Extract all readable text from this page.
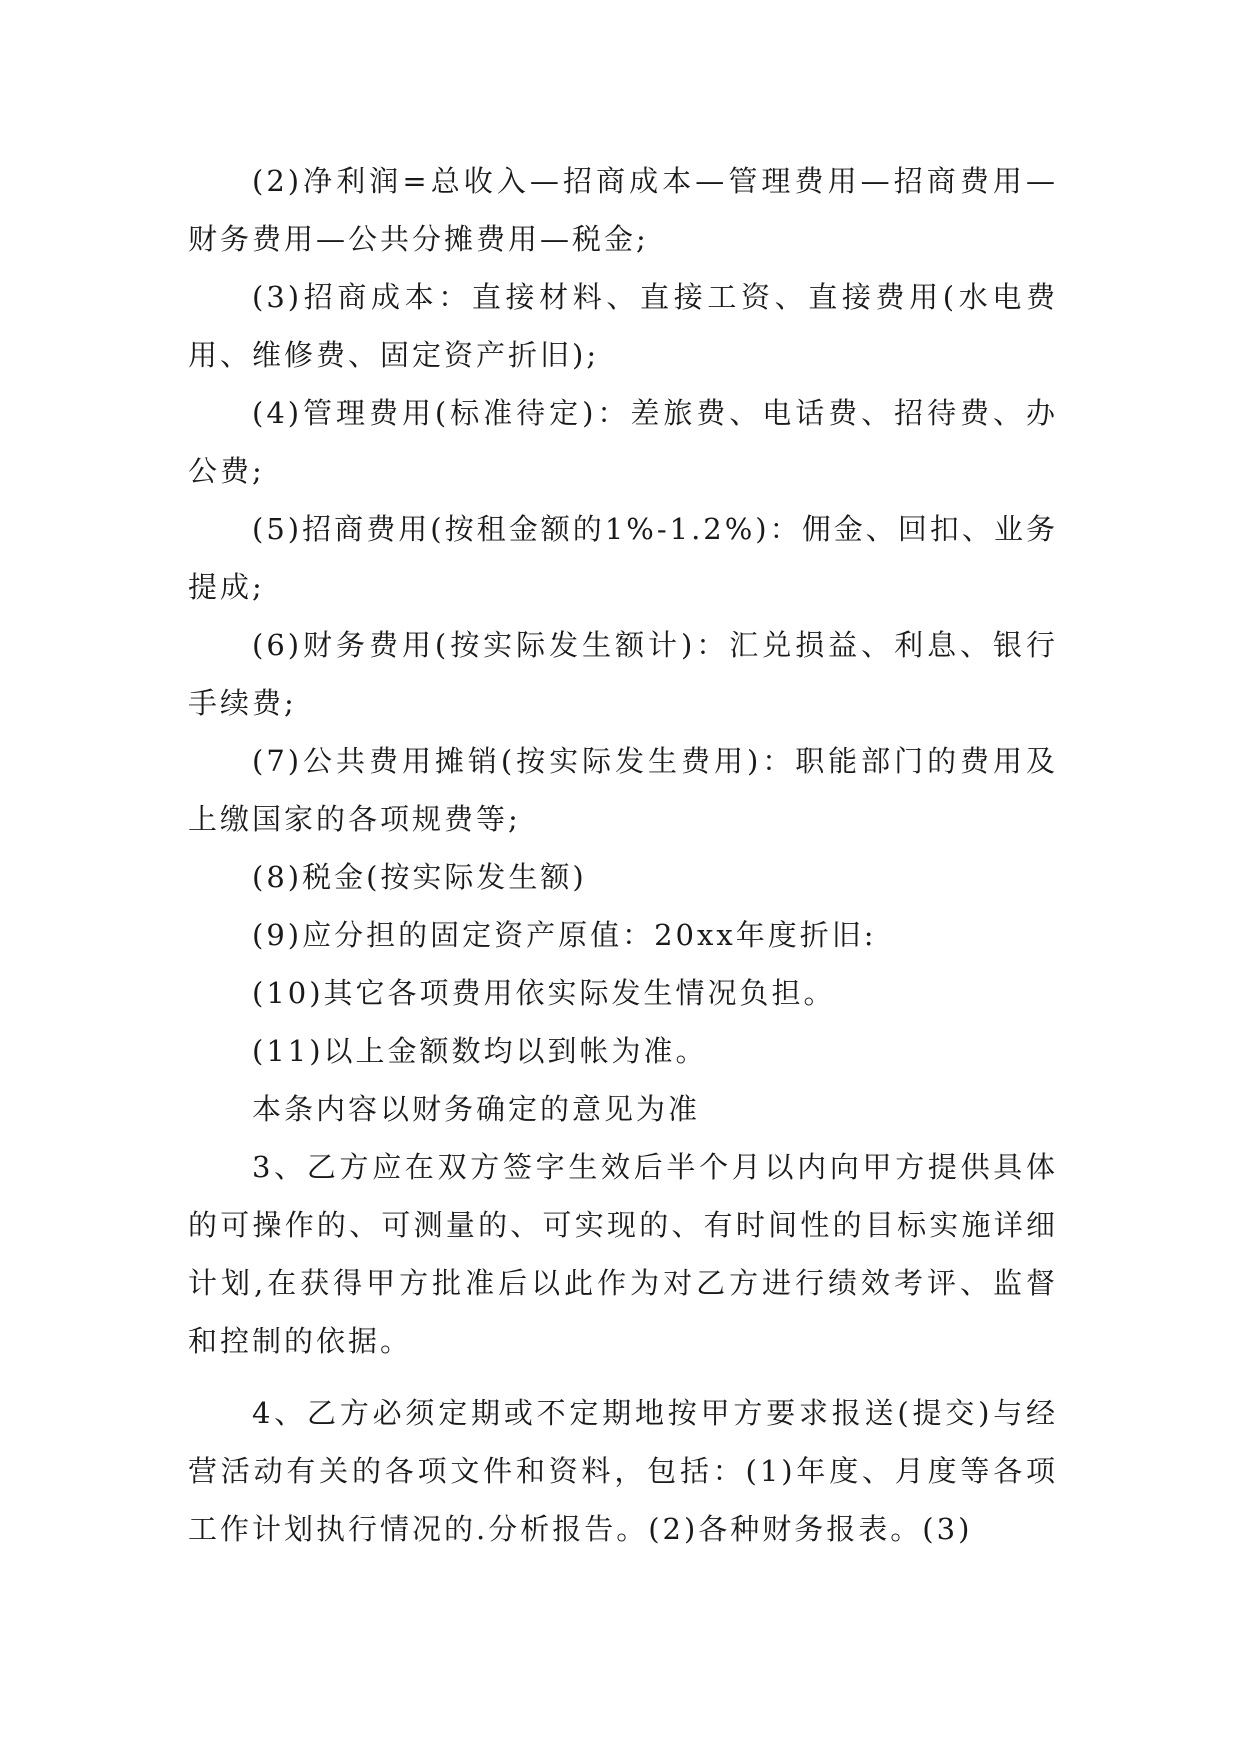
(2)净利润=总收入—招商成本—管理费用—招商费用—财务费用—公共分摊费用—税金;

(3)招商成本：直接材料、直接工资、直接费用(水电费用、维修费、固定资产折旧);

(4)管理费用(标准待定)：差旅费、电话费、招待费、办公费;

(5)招商费用(按租金额的1%-1.2%)：佣金、回扣、业务提成;

(6)财务费用(按实际发生额计)：汇兑损益、利息、银行手续费;

(7)公共费用摊销(按实际发生费用)：职能部门的费用及上缴国家的各项规费等;

(8)税金(按实际发生额)

(9)应分担的固定资产原值：20xx年度折旧:

(10)其它各项费用依实际发生情况负担。

(11)以上金额数均以到帐为准。

本条内容以财务确定的意见为准

3、乙方应在双方签字生效后半个月以内向甲方提供具体的可操作的、可测量的、可实现的、有时间性的目标实施详细计划,在获得甲方批准后以此作为对乙方进行绩效考评、监督和控制的依据。

4、乙方必须定期或不定期地按甲方要求报送(提交)与经营活动有关的各项文件和资料，包括：(1)年度、月度等各项工作计划执行情况的.分析报告。(2)各种财务报表。(3)
